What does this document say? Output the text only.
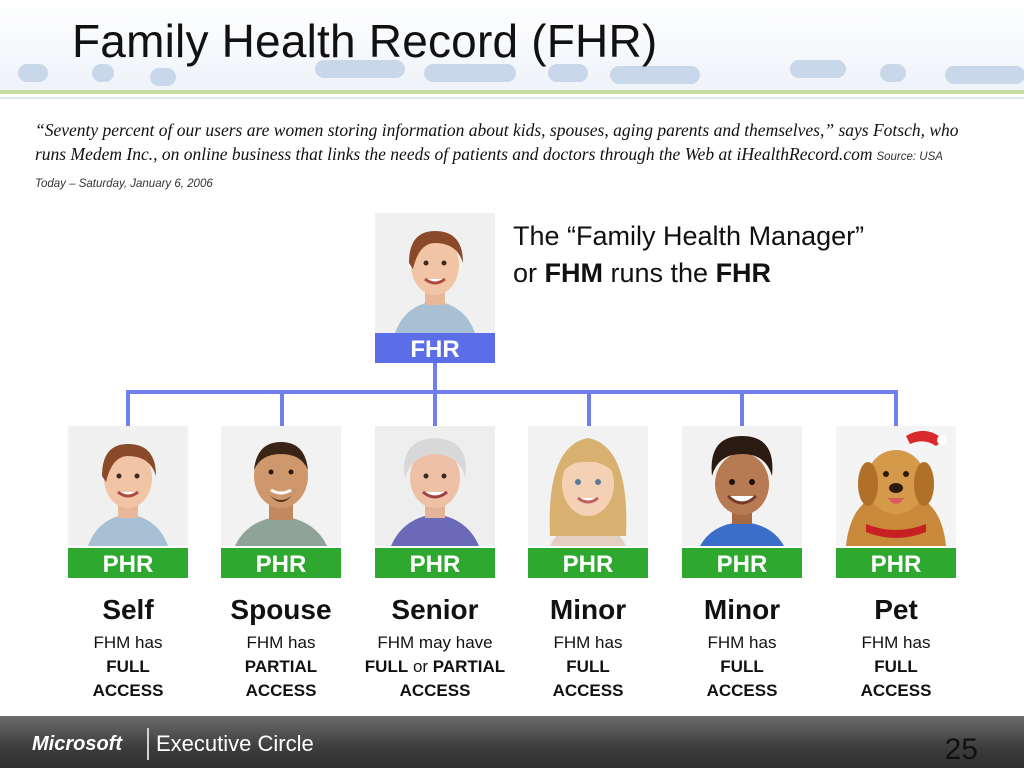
Family Health Record (FHR)
“Seventy percent of our users are women storing information about kids, spouses, aging parents and themselves,” says Fotsch, who runs Medem Inc., on online business that links the needs of patients and doctors through the Web at iHealthRecord.com Source: USA Today – Saturday, January 6, 2006
FHR
The “Family Health Manager” or FHM runs the FHR
PHR
Self
FHM has
FULL
ACCESS
PHR
Spouse
FHM has
PARTIAL
ACCESS
PHR
Senior
FHM may have
FULL or PARTIAL
ACCESS
PHR
Minor
FHM has
FULL
ACCESS
PHR
Minor
FHM has
FULL
ACCESS
PHR
Pet
FHM has
FULL
ACCESS
Microsoft Executive Circle	25
